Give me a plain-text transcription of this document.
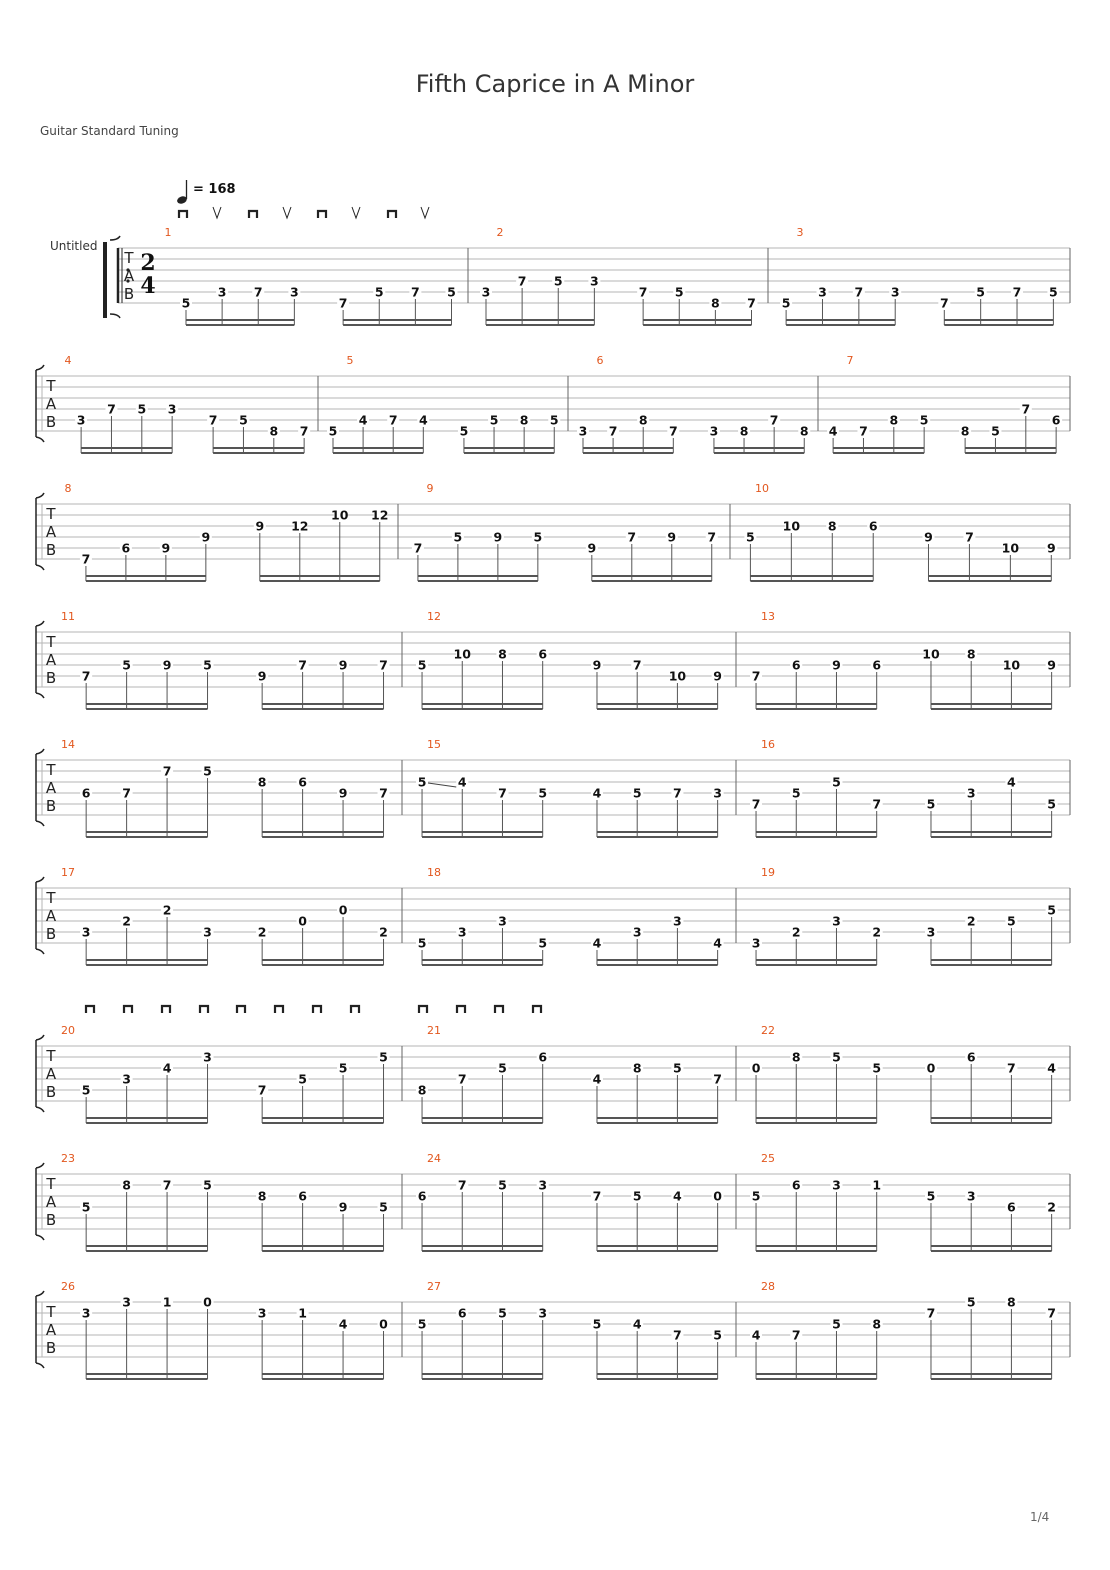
Fifth Caprice in A Minor
Guitar Standard Tuning
1/4
2
4
Untitled
T
A
B
= 168
1
5
3 7 3
7
5 7 5
2
3
7 5 3
7 5
8 7
3
5
3 7 3
7
5 7 5
T
A
B
4
3
7 5 3
7 5
8 7
5
5
4 7 4
5
5 8 5
6
3 7
8
7	3 8
7
8
7
4 7
8 5
8 5
7
6
T
A
B
8
7
6	9
9
9 12
10 12
9
7
5	9	5
9
7	9	7
10
5
10 8	6
9	7
10 9
T
A
B
11
7
5	9	5
9
7	9	7
12
5
10 8	6
9	7
10 9
13
7
6	9	6
10 8
10 9
T
A
B
14
6	7
7	5
8	6
9	7
15
5	4
7	5	4	5	7	3
16
7
5
5
7	5
3
4
5
T
A
B
17
3
2
2
3	2
0
0
2
18
5
3
3
5	4
3
3
4
19
3
2
3
2	3
2	5
5
T
A
B
20
5
3
4
3
7
5
5
5
21
8
7
5
6
4
8	5
7
22
0
8	5
5	0
6
7	4
T
A
B
23
5
8	7	5
8	6
9	5
24
6
7	5	3
7	5	4	0
25
5
6	3	1
5	3
6	2
T
A
B
26
3
3	1	0
3	1
4	0
27
5
6	5	3
5	4
7	5
28
4	7
5	8
7
5	8
7
